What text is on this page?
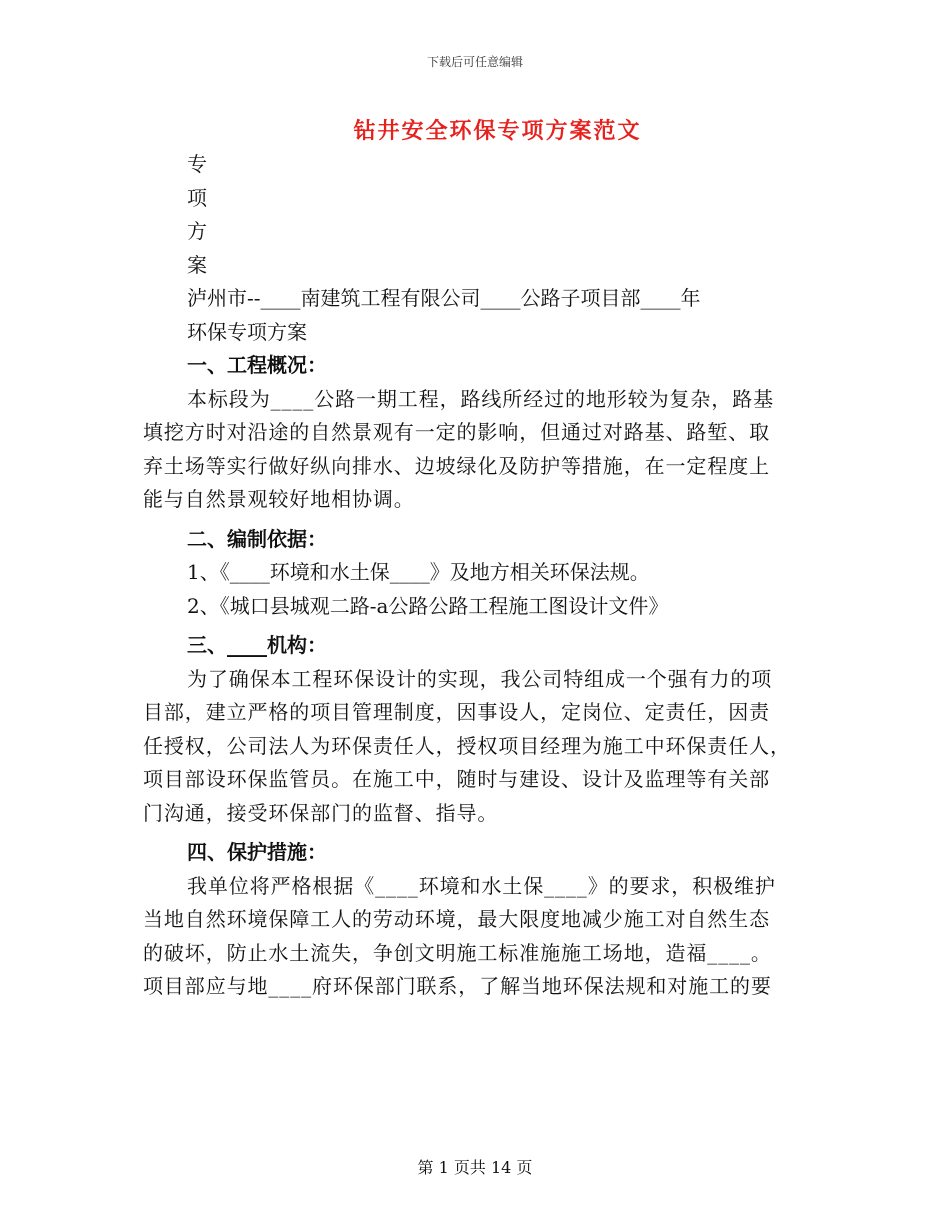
下载后可任意编辑
钻井安全环保专项方案范文
专
项
方
案
泸州市--____南建筑工程有限公司____公路子项目部____年
环保专项方案
一、工程概况：
本标段为____公路一期工程，路线所经过的地形较为复杂，路基
填挖方时对沿途的自然景观有一定的影响，但通过对路基、路堑、取
弃土场等实行做好纵向排水、边坡绿化及防护等措施，在一定程度上
能与自然景观较好地相协调。
二、编制依据：
1、《____环境和水土保____》及地方相关环保法规。
2、《城口县城观二路-a公路公路工程施工图设计文件》
三、____机构：
为了确保本工程环保设计的实现，我公司特组成一个强有力的项
目部，建立严格的项目管理制度，因事设人，定岗位、定责任，因责
任授权，公司法人为环保责任人，授权项目经理为施工中环保责任人，
项目部设环保监管员。在施工中，随时与建设、设计及监理等有关部
门沟通，接受环保部门的监督、指导。
四、保护措施：
我单位将严格根据《____环境和水土保____》的要求，积极维护
当地自然环境保障工人的劳动环境，最大限度地减少施工对自然生态
的破坏，防止水土流失，争创文明施工标准施施工场地，造福____。
项目部应与地____府环保部门联系，了解当地环保法规和对施工的要
第 1 页共 14 页
